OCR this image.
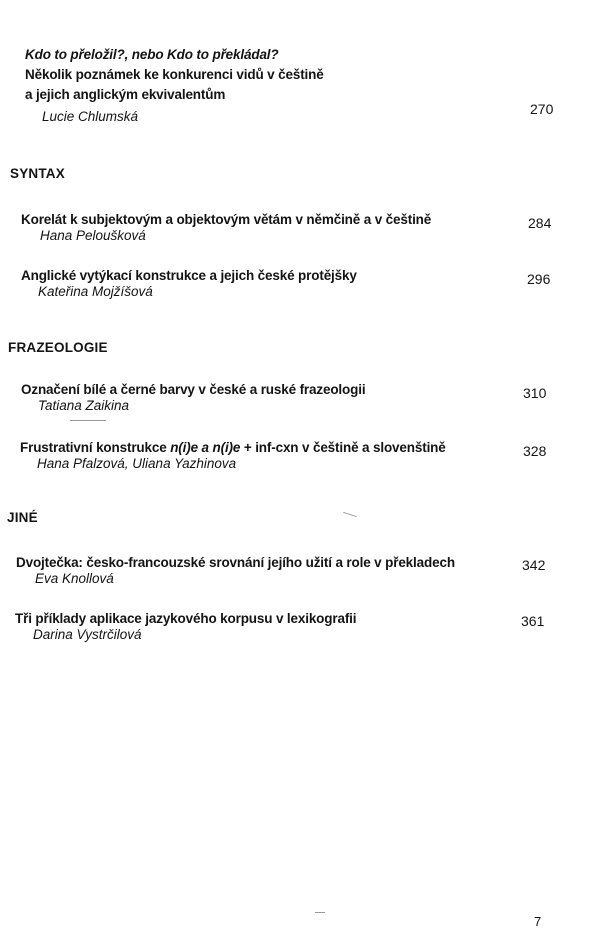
Kdo to přeložil?, nebo Kdo to překládal?
Několik poznámek ke konkurenci vidů v češtině
a jejich anglickým ekvivalentům
Lucie Chlumská	270
SYNTAX
Korelát k subjektovým a objektovým větám v němčině a v češtině
Hana Peloušková
284
Anglické vytýkací konstrukce a jejich české protějšky
Kateřina Mojžíšová
296
FRAZEOLOGIE
Označení bílé a černé barvy v české a ruské frazeologii
Tatiana Zaikina
310
Frustrativní konstrukce n(i)e a n(i)e + inf-cxn v češtině a slovenštině
Hana Pfalzová, Uliana Yazhinova
328
JINÉ
Dvojtečka: česko-francouzské srovnání jejího užití a role v překladech
Eva Knollová
342
Tři příklady aplikace jazykového korpusu v lexikografii
Darina Vystrčilová
361
7
